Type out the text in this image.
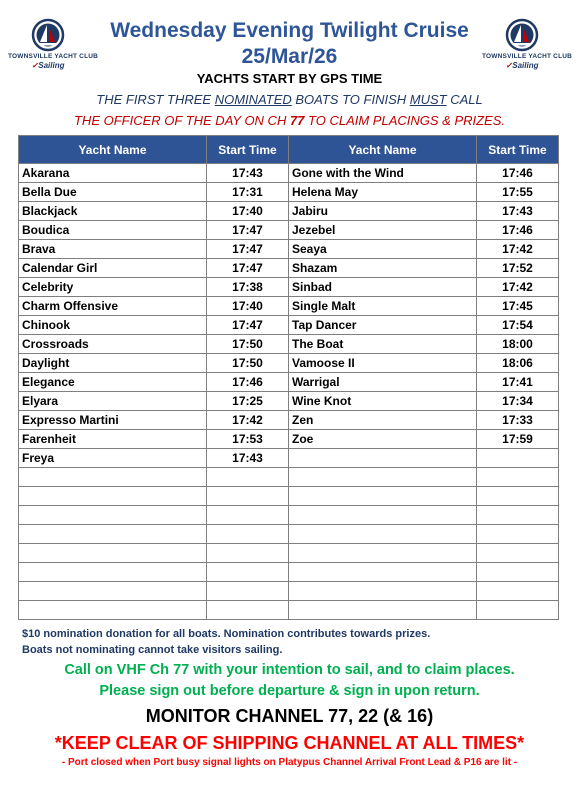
TOWNSVILLE YACHT CLUB
✓Sailing
TOWNSVILLE YACHT CLUB
✓Sailing
Wednesday Evening Twilight Cruise
25/Mar/26
YACHTS START BY GPS TIME
THE FIRST THREE NOMINATED BOATS TO FINISH MUST CALL
THE OFFICER OF THE DAY ON CH 77 TO CLAIM PLACINGS & PRIZES.
Yacht Name	Start Time	Yacht Name	Start Time
Akarana	17:43	Gone with the Wind	17:46
Bella Due	17:31	Helena May	17:55
Blackjack	17:40	Jabiru	17:43
Boudica	17:47	Jezebel	17:46
Brava	17:47	Seaya	17:42
Calendar Girl	17:47	Shazam	17:52
Celebrity	17:38	Sinbad	17:42
Charm Offensive	17:40	Single Malt	17:45
Chinook	17:47	Tap Dancer	17:54
Crossroads	17:50	The Boat	18:00
Daylight	17:50	Vamoose II	18:06
Elegance	17:46	Warrigal	17:41
Elyara	17:25	Wine Knot	17:34
Expresso Martini	17:42	Zen	17:33
Farenheit	17:53	Zoe	17:59
Freya	17:43		

$10 nomination donation for all boats. Nomination contributes towards prizes.
Boats not nominating cannot take visitors sailing.
Call on VHF Ch 77 with your intention to sail, and to claim places.
Please sign out before departure & sign in upon return.
MONITOR CHANNEL 77, 22 (& 16)
*KEEP CLEAR OF SHIPPING CHANNEL AT ALL TIMES*
- Port closed when Port busy signal lights on Platypus Channel Arrival Front Lead & P16 are lit -
